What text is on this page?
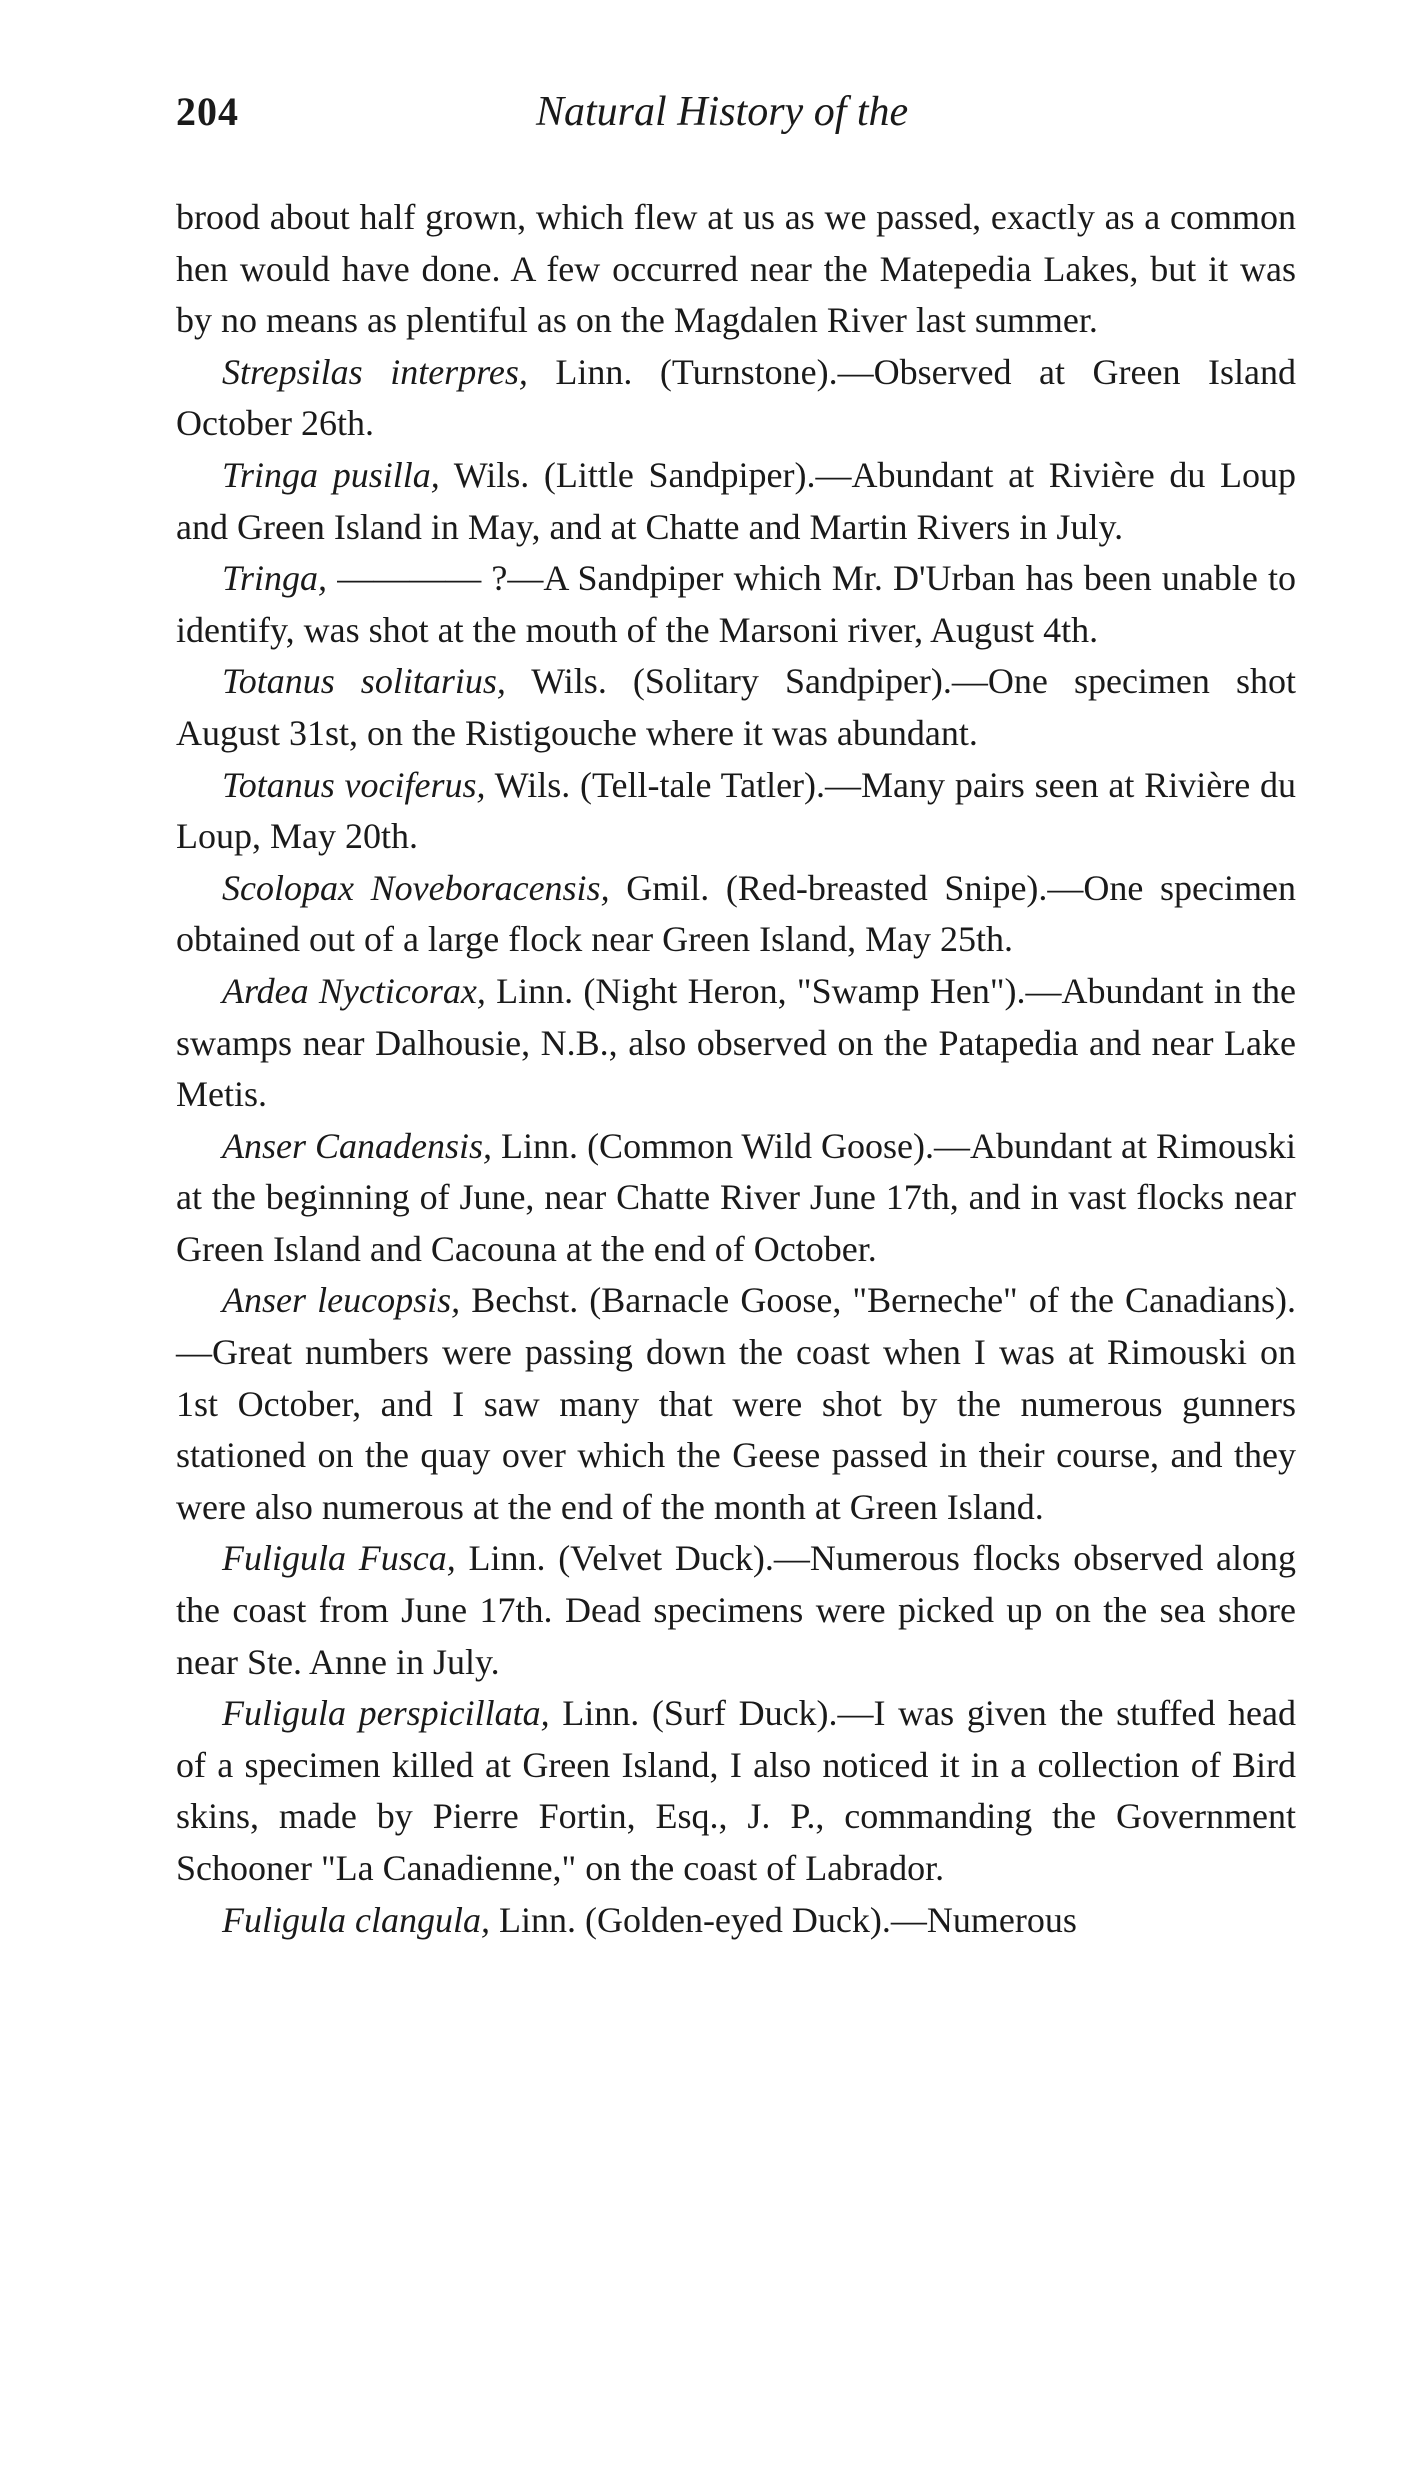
204	Natural History of the

brood about half grown, which flew at us as we passed, exactly as a common hen would have done. A few occurred near the Matepedia Lakes, but it was by no means as plentiful as on the Magdalen River last summer.

Strepsilas interpres, Linn. (Turnstone).—Observed at Green Island October 26th.

Tringa pusilla, Wils. (Little Sandpiper).—Abundant at Rivière du Loup and Green Island in May, and at Chatte and Martin Rivers in July.

Tringa, ———— ?—A Sandpiper which Mr. D'Urban has been unable to identify, was shot at the mouth of the Marsoni river, August 4th.

Totanus solitarius, Wils. (Solitary Sandpiper).—One specimen shot August 31st, on the Ristigouche where it was abundant.

Totanus vociferus, Wils. (Tell-tale Tatler).—Many pairs seen at Rivière du Loup, May 20th.

Scolopax Noveboracensis, Gmil. (Red-breasted Snipe).—One specimen obtained out of a large flock near Green Island, May 25th.

Ardea Nycticorax, Linn. (Night Heron, "Swamp Hen").—Abundant in the swamps near Dalhousie, N.B., also observed on the Patapedia and near Lake Metis.

Anser Canadensis, Linn. (Common Wild Goose).—Abundant at Rimouski at the beginning of June, near Chatte River June 17th, and in vast flocks near Green Island and Cacouna at the end of October.

Anser leucopsis, Bechst. (Barnacle Goose, "Berneche" of the Canadians).—Great numbers were passing down the coast when I was at Rimouski on 1st October, and I saw many that were shot by the numerous gunners stationed on the quay over which the Geese passed in their course, and they were also numerous at the end of the month at Green Island.

Fuligula Fusca, Linn. (Velvet Duck).—Numerous flocks observed along the coast from June 17th. Dead specimens were picked up on the sea shore near Ste. Anne in July.

Fuligula perspicillata, Linn. (Surf Duck).—I was given the stuffed head of a specimen killed at Green Island, I also noticed it in a collection of Bird skins, made by Pierre Fortin, Esq., J. P., commanding the Government Schooner "La Canadienne," on the coast of Labrador.

Fuligula clangula, Linn. (Golden-eyed Duck).—Numerous
